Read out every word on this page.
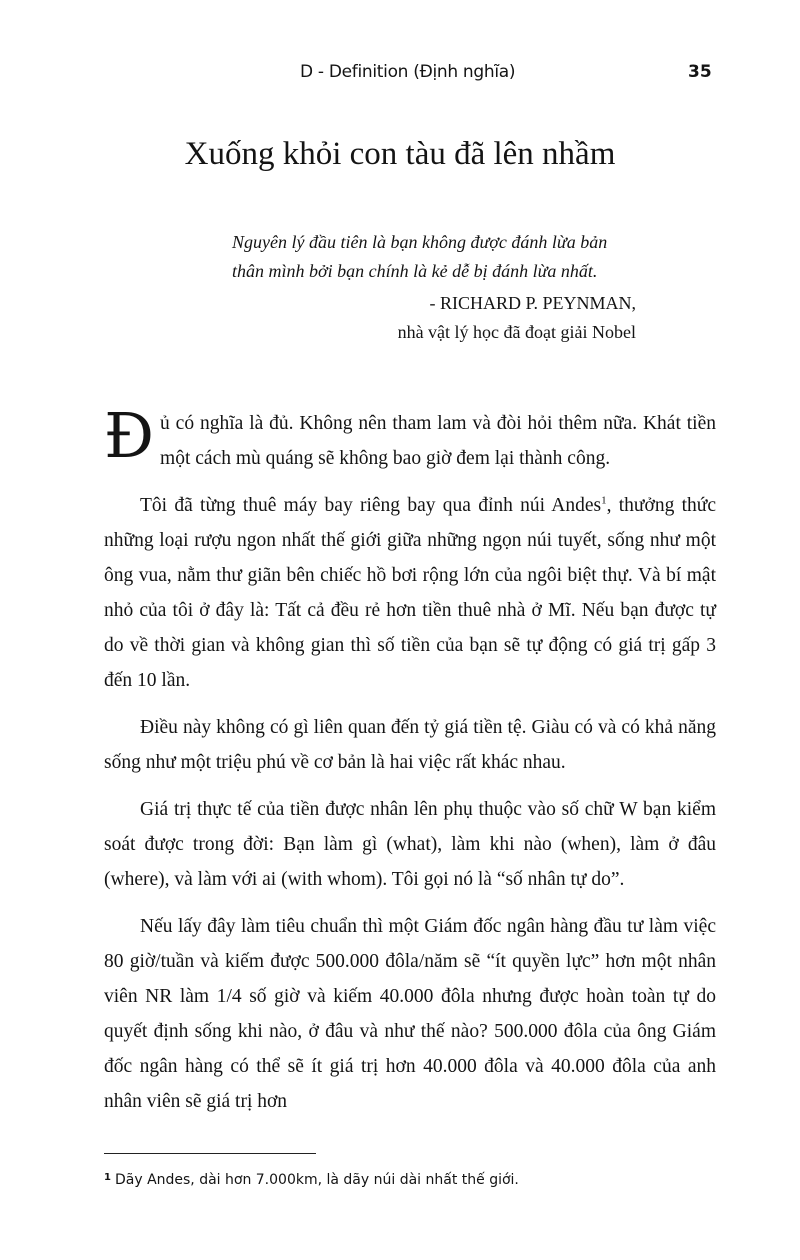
D - Definition (Định nghĩa)	35
Xuống khỏi con tàu đã lên nhầm

Nguyên lý đầu tiên là bạn không được đánh lừa bản thân mình bởi bạn chính là kẻ dễ bị đánh lừa nhất.

- RICHARD P. PEYNMAN,

nhà vật lý học đã đoạt giải Nobel

Đủ có nghĩa là đủ. Không nên tham lam và đòi hỏi thêm nữa. Khát tiền một cách mù quáng sẽ không bao giờ đem lại thành công.

Tôi đã từng thuê máy bay riêng bay qua đỉnh núi Andes$^1$, thưởng thức những loại rượu ngon nhất thế giới giữa những ngọn núi tuyết, sống như một ông vua, nằm thư giãn bên chiếc hồ bơi rộng lớn của ngôi biệt thự. Và bí mật nhỏ của tôi ở đây là: Tất cả đều rẻ hơn tiền thuê nhà ở Mĩ. Nếu bạn được tự do về thời gian và không gian thì số tiền của bạn sẽ tự động có giá trị gấp 3 đến 10 lần.

Điều này không có gì liên quan đến tỷ giá tiền tệ. Giàu có và có khả năng sống như một triệu phú về cơ bản là hai việc rất khác nhau.

Giá trị thực tế của tiền được nhân lên phụ thuộc vào số chữ W bạn kiểm soát được trong đời: Bạn làm gì (what), làm khi nào (when), làm ở đâu (where), và làm với ai (with whom). Tôi gọi nó là “số nhân tự do”.

Nếu lấy đây làm tiêu chuẩn thì một Giám đốc ngân hàng đầu tư làm việc 80 giờ/tuần và kiếm được 500.000 đôla/năm sẽ “ít quyền lực” hơn một nhân viên NR làm 1/4 số giờ và kiếm 40.000 đôla nhưng được hoàn toàn tự do quyết định sống khi nào, ở đâu và như thế nào? 500.000 đôla của ông Giám đốc ngân hàng có thể sẽ ít giá trị hơn 40.000 đôla và 40.000 đôla của anh nhân viên sẽ giá trị hơn

$^1$ Dãy Andes, dài hơn 7.000km, là dãy núi dài nhất thế giới.
